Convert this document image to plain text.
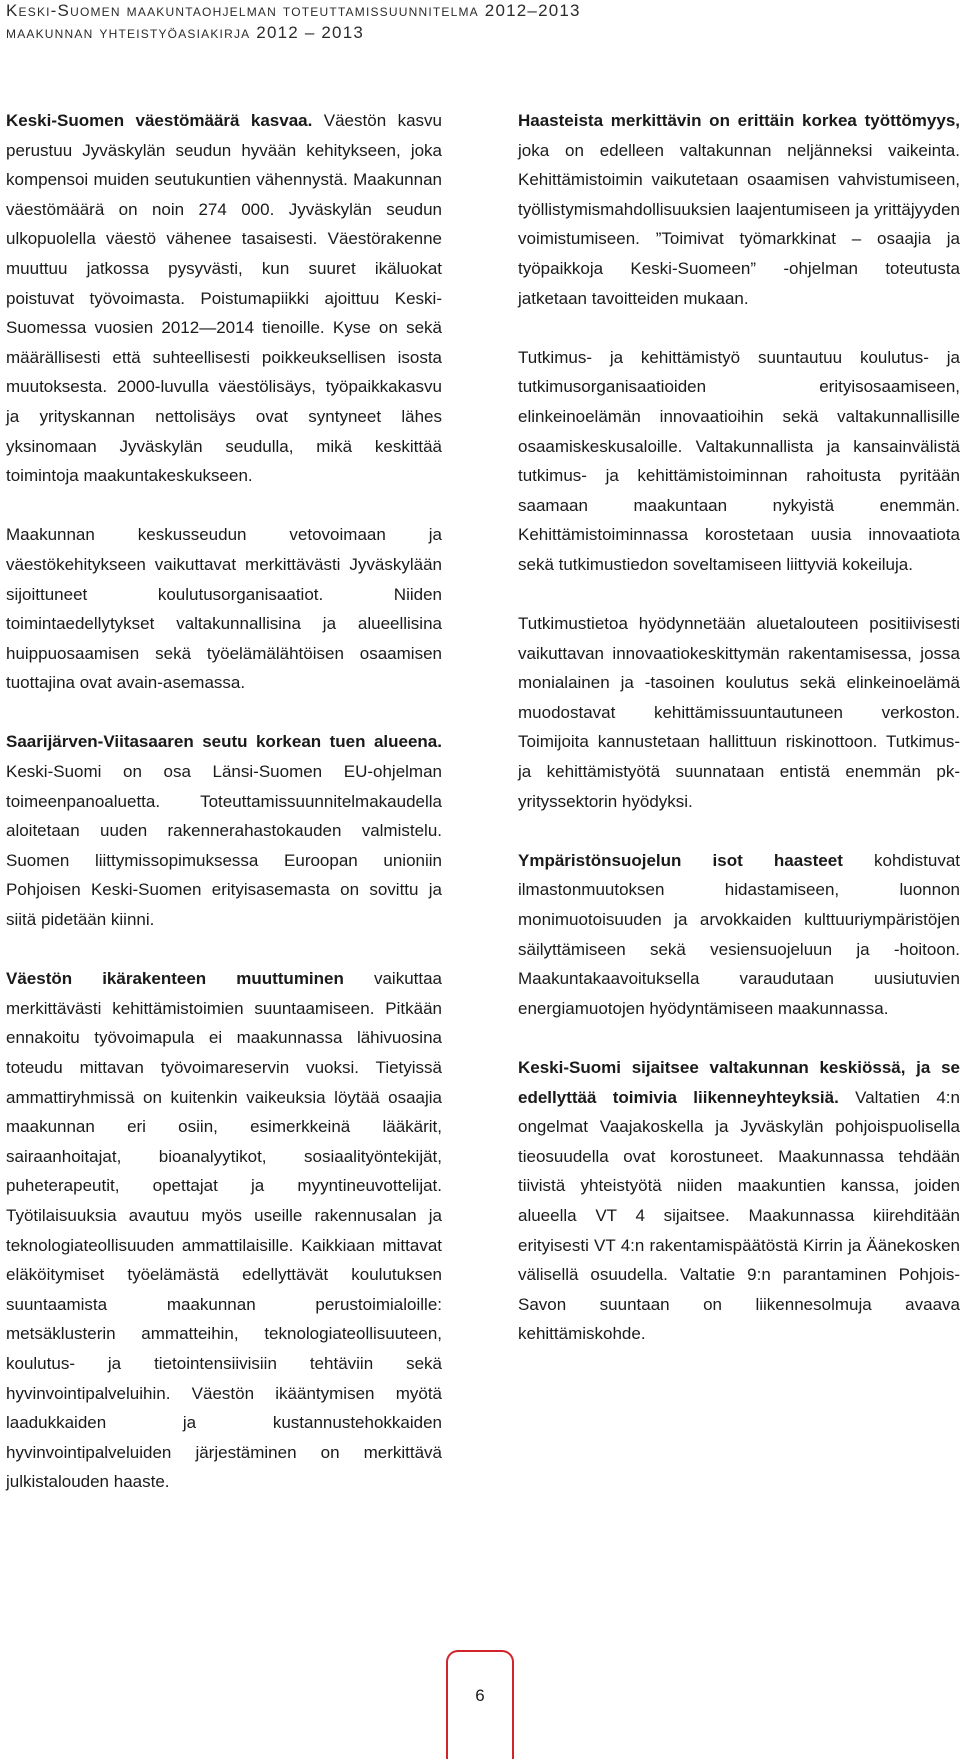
Keski-Suomen maakuntaohjelman toteuttamissuunnitelma 2012–2013
maakunnan yhteistyöasiakirja 2012 – 2013

Keski-Suomen väestömäärä kasvaa. Väestön kasvu perustuu Jyväskylän seudun hyvään kehitykseen, joka kompensoi muiden seutukuntien vähennystä. Maakunnan väestömäärä on noin 274 000. Jyväskylän seudun ulkopuolella väestö vähenee tasaisesti. Väestörakenne muuttuu jatkossa pysyvästi, kun suuret ikäluokat poistuvat työvoimasta. Poistumapiikki ajoittuu Keski-Suomessa vuosien 2012—2014 tienoille. Kyse on sekä määrällisesti että suhteellisesti poikkeuksellisen isosta muutoksesta. 2000-luvulla väestölisäys, työpaikkakasvu ja yrityskannan nettolisäys ovat syntyneet lähes yksinomaan Jyväskylän seudulla, mikä keskittää toimintoja maakuntakeskukseen.

Maakunnan keskusseudun vetovoimaan ja väestökehitykseen vaikuttavat merkittävästi Jyväskylään sijoittuneet koulutusorganisaatiot. Niiden toimintaedellytykset valtakunnallisina ja alueellisina huippuosaamisen sekä työelämälähtöisen osaamisen tuottajina ovat avain-asemassa.

Saarijärven-Viitasaaren seutu korkean tuen alueena. Keski-Suomi on osa Länsi-Suomen EU-ohjelman toimeenpanoaluetta. Toteuttamissuunnitelmakaudella aloitetaan uuden rakennerahastokauden valmistelu. Suomen liittymissopimuksessa Euroopan unioniin Pohjoisen Keski-Suomen erityisasemasta on sovittu ja siitä pidetään kiinni.

Väestön ikärakenteen muuttuminen vaikuttaa merkittävästi kehittämistoimien suuntaamiseen. Pitkään ennakoitu työvoimapula ei maakunnassa lähivuosina toteudu mittavan työvoimareservin vuoksi. Tietyissä ammattiryhmissä on kuitenkin vaikeuksia löytää osaajia maakunnan eri osiin, esimerkkeinä lääkärit, sairaanhoitajat, bioanalyytikot, sosiaalityöntekijät, puheterapeutit, opettajat ja myyntineuvottelijat. Työtilaisuuksia avautuu myös useille rakennusalan ja teknologiateollisuuden ammattilaisille. Kaikkiaan mittavat eläköitymiset työelämästä edellyttävät koulutuksen suuntaamista maakunnan perustoimialoille: metsäklusterin ammatteihin, teknologiateollisuuteen, koulutus- ja tietointensiivisiin tehtäviin sekä hyvinvointipalveluihin. Väestön ikääntymisen myötä laadukkaiden ja kustannustehokkaiden hyvinvointipalveluiden järjestäminen on merkittävä julkistalouden haaste.

Haasteista merkittävin on erittäin korkea työttömyys, joka on edelleen valtakunnan neljänneksi vaikeinta. Kehittämistoimin vaikutetaan osaamisen vahvistumiseen, työllistymismahdollisuuksien laajentumiseen ja yrittäjyyden voimistumiseen. ”Toimivat työmarkkinat – osaajia ja työpaikkoja Keski-Suomeen” -ohjelman toteutusta jatketaan tavoitteiden mukaan.

Tutkimus- ja kehittämistyö suuntautuu koulutus- ja tutkimusorganisaatioiden erityisosaamiseen, elinkeinoelämän innovaatioihin sekä valtakunnallisille osaamiskeskusaloille. Valtakunnallista ja kansainvälistä tutkimus- ja kehittämistoiminnan rahoitusta pyritään saamaan maakuntaan nykyistä enemmän. Kehittämistoiminnassa korostetaan uusia innovaatiota sekä tutkimustiedon soveltamiseen liittyviä kokeiluja.

Tutkimustietoa hyödynnetään aluetalouteen positiivisesti vaikuttavan innovaatiokeskittymän rakentamisessa, jossa monialainen ja -tasoinen koulutus sekä elinkeinoelämä muodostavat kehittämissuuntautuneen verkoston. Toimijoita kannustetaan hallittuun riskinottoon. Tutkimus- ja kehittämistyötä suunnataan entistä enemmän pk-yrityssektorin hyödyksi.

Ympäristönsuojelun isot haasteet kohdistuvat ilmastonmuutoksen hidastamiseen, luonnon monimuotoisuuden ja arvokkaiden kulttuuriympäristöjen säilyttämiseen sekä vesiensuojeluun ja -hoitoon. Maakuntakaavoituksella varaudutaan uusiutuvien energiamuotojen hyödyntämiseen maakunnassa.

Keski-Suomi sijaitsee valtakunnan keskiössä, ja se edellyttää toimivia liikenneyhteyksiä. Valtatien 4:n ongelmat Vaajakoskella ja Jyväskylän pohjoispuolisella tieosuudella ovat korostuneet. Maakunnassa tehdään tiivistä yhteistyötä niiden maakuntien kanssa, joiden alueella VT 4 sijaitsee. Maakunnassa kiirehditään erityisesti VT 4:n rakentamispäätöstä Kirrin ja Äänekosken välisellä osuudella. Valtatie 9:n parantaminen Pohjois-Savon suuntaan on liikennesolmuja avaava kehittämiskohde.

6
